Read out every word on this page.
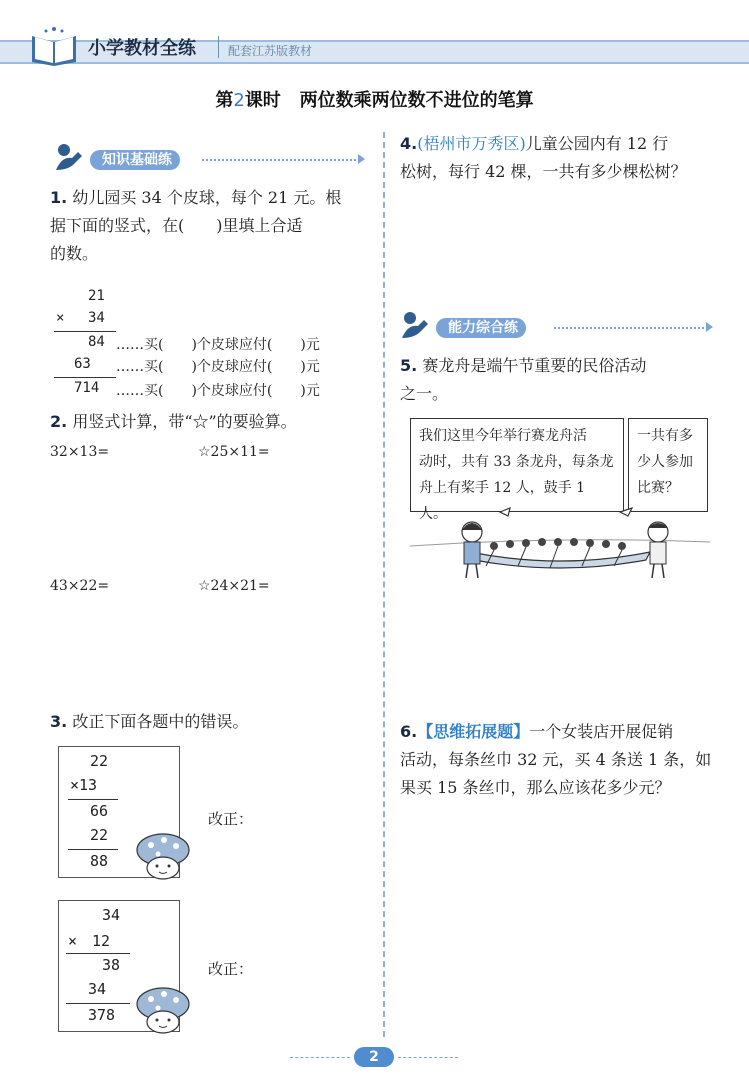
小学教材全练	配套江苏版教材
第2课时 两位数乘两位数不进位的笔算
知识基础练
1. 幼儿园买 34 个皮球，每个 21 元。根
据下面的竖式，在(　　)里填上合适
的数。
21
× 34
84 ……买(　　)个皮球应付(　　)元
63 ……买(　　)个皮球应付(　　)元
714 ……买(　　)个皮球应付(　　)元
2. 用竖式计算，带“☆”的要验算。
32×13=	☆25×11=
43×22=	☆24×21=
3. 改正下面各题中的错误。
22
×13
66
22
88
改正：
34
×　12
38
34
378
改正：
4.(梧州市万秀区)儿童公园内有 12 行
松树，每行 42 棵，一共有多少棵松树？
能力综合练
5. 赛龙舟是端午节重要的民俗活动
之一。
我们这里今年举行赛龙舟活
动时，共有 33 条龙舟，每条龙
舟上有桨手 12 人，鼓手 1 人。
一共有多
少人参加
比赛？
6.【思维拓展题】一个女装店开展促销
活动，每条丝巾 32 元，买 4 条送 1 条，如
果买 15 条丝巾，那么应该花多少元？
2
